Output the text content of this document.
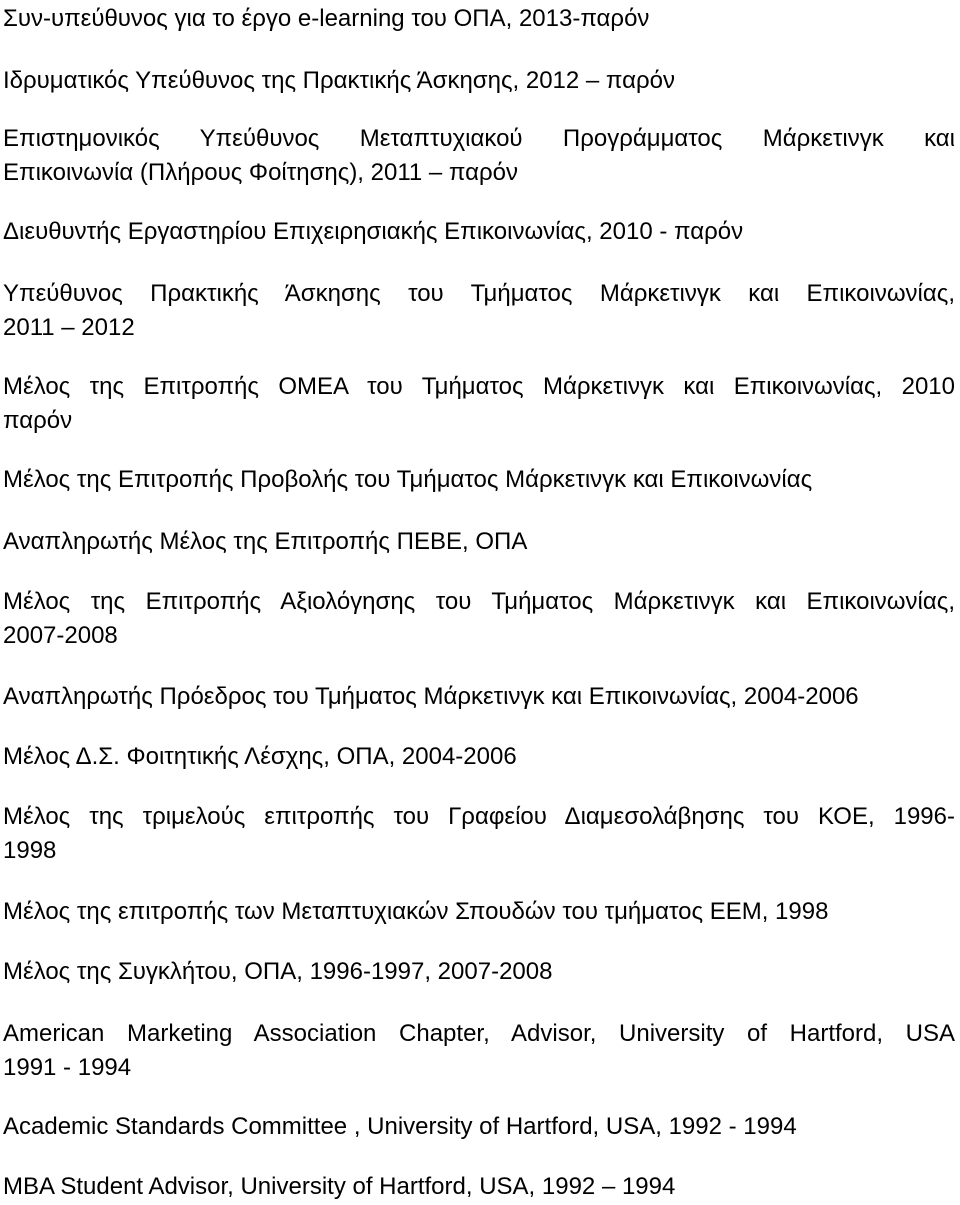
Συν-υπεύθυνος για το έργο e-learning του ΟΠΑ, 2013-παρόν

Ιδρυματικός Υπεύθυνος της Πρακτικής Άσκησης, 2012 – παρόν

Επιστημονικός Υπεύθυνος Μεταπτυχιακού Προγράμματος Μάρκετινγκ και
Επικοινωνία (Πλήρους Φοίτησης), 2011 – παρόν

Διευθυντής Εργαστηρίου Επιχειρησιακής Επικοινωνίας, 2010 - παρόν

Υπεύθυνος Πρακτικής Άσκησης του Τμήματος Μάρκετινγκ και Επικοινωνίας,
2011 – 2012

Μέλος της Επιτροπής ΟΜΕΑ του Τμήματος Μάρκετινγκ και Επικοινωνίας, 2010
παρόν

Μέλος της Επιτροπής Προβολής του Τμήματος Μάρκετινγκ και Επικοινωνίας

Αναπληρωτής Μέλος της Επιτροπής ΠΕΒΕ, ΟΠΑ

Μέλος της Επιτροπής Αξιολόγησης του Τμήματος Μάρκετινγκ και Επικοινωνίας,
2007-2008

Αναπληρωτής Πρόεδρος του Τμήματος Μάρκετινγκ και Επικοινωνίας, 2004-2006

Μέλος Δ.Σ. Φοιτητικής Λέσχης, ΟΠΑ, 2004-2006

Μέλος της τριμελούς επιτροπής του Γραφείου Διαμεσολάβησης του ΚΟΕ, 1996-
1998

Μέλος της επιτροπής των Μεταπτυχιακών Σπουδών του τμήματος ΕΕΜ, 1998

Μέλος της Συγκλήτου, ΟΠΑ, 1996-1997, 2007-2008

American Marketing Association Chapter, Advisor, University of Hartford, USA
1991 - 1994

Academic Standards Committee , University of Hartford, USA, 1992 - 1994

MBA Student Advisor, University of Hartford, USA, 1992 – 1994
